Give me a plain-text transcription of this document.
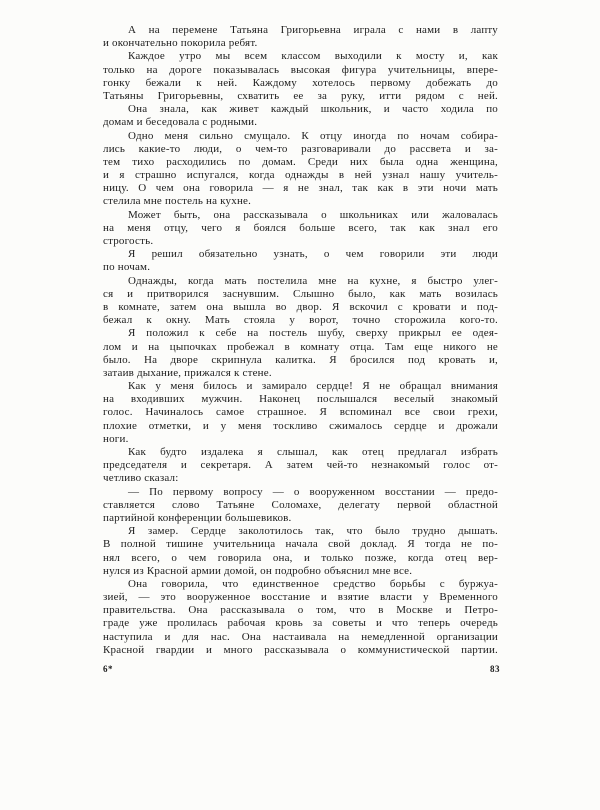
А на перемене Татьяна Григорьевна играла с нами в лапту
и окончательно покорила ребят.
Каждое утро мы всем классом выходили к мосту и, как
только на дороге показывалась высокая фигура учительницы, впере-
гонку бежали к ней. Каждому хотелось первому добежать до
Татьяны Григорьевны, схватить ее за руку, итти рядом с ней.
Она знала, как живет каждый школьник, и часто ходила по
домам и беседовала с родными.
Одно меня сильно смущало. К отцу иногда по ночам собира-
лись какие-то люди, о чем-то разговаривали до рассвета и за-
тем тихо расходились по домам. Среди них была одна женщина,
и я страшно испугался, когда однажды в ней узнал нашу учитель-
ницу. О чем она говорила — я не знал, так как в эти ночи мать
стелила мне постель на кухне.
Может быть, она рассказывала о школьниках или жаловалась
на меня отцу, чего я боялся больше всего, так как знал его
строгость.
Я решил обязательно узнать, о чем говорили эти люди
по ночам.
Однажды, когда мать постелила мне на кухне, я быстро улег-
ся и притворился заснувшим. Слышно было, как мать возилась
в комнате, затем она вышла во двор. Я вскочил с кровати и под-
бежал к окну. Мать стояла у ворот, точно сторожила кого-то.
Я положил к себе на постель шубу, сверху прикрыл ее одея-
лом и на цыпочках пробежал в комнату отца. Там еще никого не
было. На дворе скрипнула калитка. Я бросился под кровать и,
затаив дыхание, прижался к стене.
Как у меня билось и замирало сердце! Я не обращал внимания
на входивших мужчин. Наконец послышался веселый знакомый
голос. Начиналось самое страшное. Я вспоминал все свои грехи,
плохие отметки, и у меня тоскливо сжималось сердце и дрожали
ноги.
Как будто издалека я слышал, как отец предлагал избрать
председателя и секретаря. А затем чей-то незнакомый голос от-
четливо сказал:
— По первому вопросу — о вооруженном восстании — предо-
ставляется слово Татьяне Соломахе, делегату первой областной
партийной конференции большевиков.
Я замер. Сердце заколотилось так, что было трудно дышать.
В полной тишине учительница начала свой доклад. Я тогда не по-
нял всего, о чем говорила она, и только позже, когда отец вер-
нулся из Красной армии домой, он подробно объяснил мне все.
Она говорила, что единственное средство борьбы с буржуа-
зией, — это вооруженное восстание и взятие власти у Временного
правительства. Она рассказывала о том, что в Москве и Петро-
граде уже пролилась рабочая кровь за советы и что теперь очередь
наступила и для нас. Она настаивала на немедленной организации
Красной гвардии и много рассказывала о коммунистической партии.
6*	83
